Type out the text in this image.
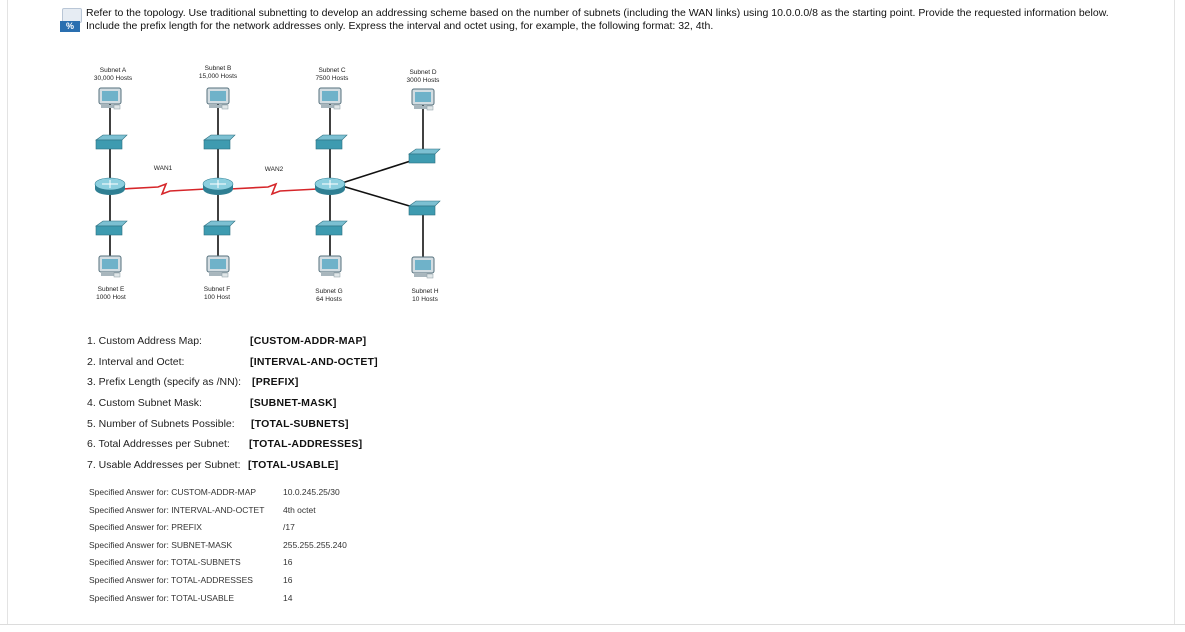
%
Refer to the topology. Use traditional subnetting to develop an addressing scheme based on the number of subnets (including the WAN links) using 10.0.0.0/8 as the starting point. Provide the requested information below.
Include the prefix length for the network addresses only. Express the interval and octet using, for example, the following format: 32, 4th.
Subnet A
30,000 Hosts
Subnet B
15,000 Hosts
Subnet C
7500 Hosts
Subnet D
3000 Hosts
Subnet E
1000 Host
Subnet F
100 Host
Subnet G
64 Hosts
Subnet H
10 Hosts
WAN1	WAN2
1. Custom Address Map:	[CUSTOM-ADDR-MAP]
2. Interval and Octet:	[INTERVAL-AND-OCTET]
3. Prefix Length (specify as /NN): [PREFIX]
4. Custom Subnet Mask:	[SUBNET-MASK]
5. Number of Subnets Possible: [TOTAL-SUBNETS]
6. Total Addresses per Subnet: [TOTAL-ADDRESSES]
7. Usable Addresses per Subnet: [TOTAL-USABLE]
Specified Answer for: CUSTOM-ADDR-MAP	10.0.245.25/30
Specified Answer for: INTERVAL-AND-OCTET 4th octet
Specified Answer for: PREFIX	/17
Specified Answer for: SUBNET-MASK	255.255.255.240
Specified Answer for: TOTAL-SUBNETS	16
Specified Answer for: TOTAL-ADDRESSES	16
Specified Answer for: TOTAL-USABLE	14
